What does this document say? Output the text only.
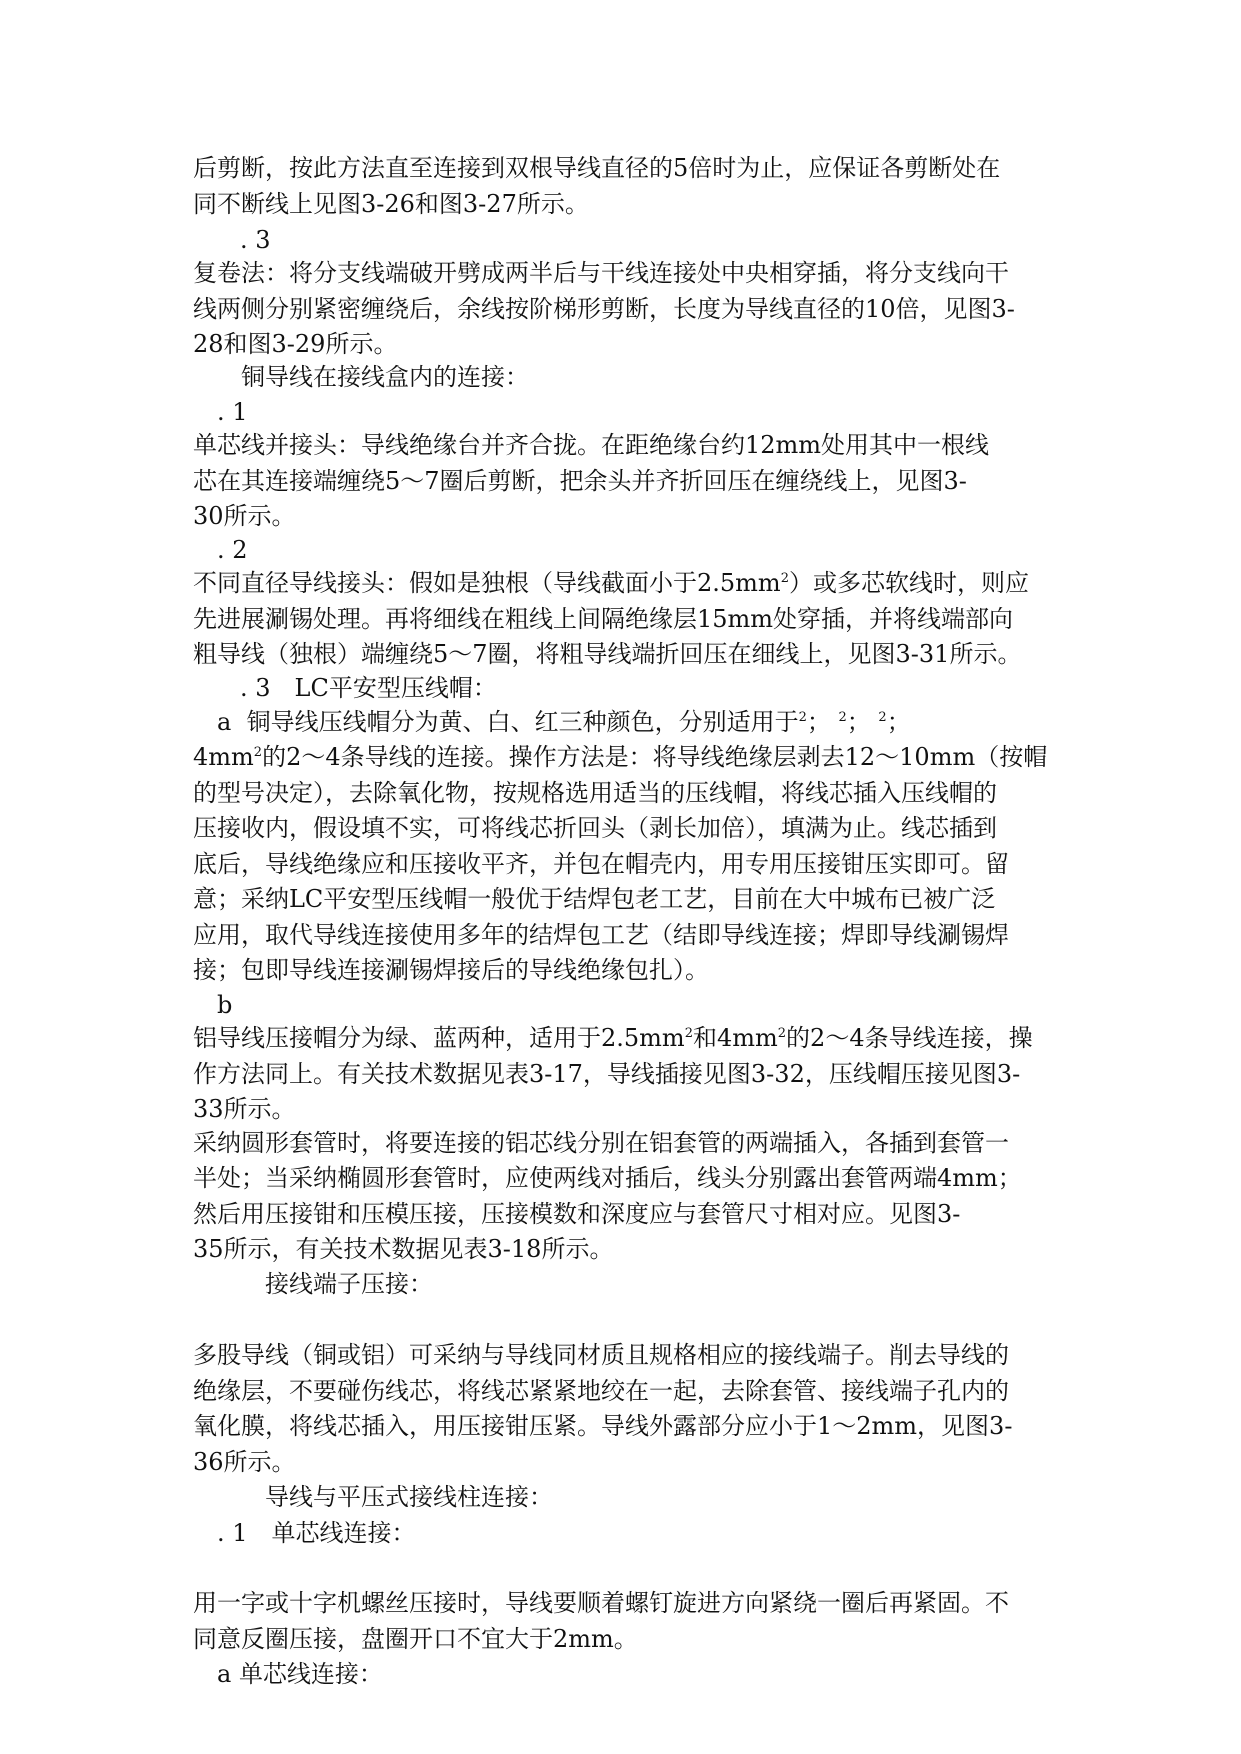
后剪断，按此方法直至连接到双根导线直径的5倍时为止，应保证各剪断处在
同不断线上见图3-26和图3-27所示。
. 3
复卷法：将分支线端破开劈成两半后与干线连接处中央相穿插，将分支线向干
线两侧分别紧密缠绕后，余线按阶梯形剪断，长度为导线直径的10倍，见图3-
28和图3-29所示。
铜导线在接线盒内的连接：
. 1
单芯线并接头：导线绝缘台并齐合拢。在距绝缘台约12mm处用其中一根线
芯在其连接端缠绕5～7圈后剪断，把余头并齐折回压在缠绕线上，见图3-
30所示。
. 2
不同直径导线接头：假如是独根（导线截面小于$2.5mm^2$）或多芯软线时，则应
先进展涮锡处理。再将细线在粗线上间隔绝缘层15mm处穿插，并将线端部向
粗导线（独根）端缠绕5～7圈，将粗导线端折回压在细线上，见图3-31所示。
. 3　LC平安型压线帽：
a  铜导线压线帽分为黄、白、红三种颜色，分别适用于$^2$； $^2$； $^2$；
$4mm^2$的2～4条导线的连接。操作方法是：将导线绝缘层剥去12～10mm（按帽
的型号决定），去除氧化物，按规格选用适当的压线帽，将线芯插入压线帽的
压接收内，假设填不实，可将线芯折回头（剥长加倍），填满为止。线芯插到
底后，导线绝缘应和压接收平齐，并包在帽壳内，用专用压接钳压实即可。留
意；采纳LC平安型压线帽一般优于结焊包老工艺，目前在大中城布已被广泛
应用，取代导线连接使用多年的结焊包工艺（结即导线连接；焊即导线涮锡焊
接；包即导线连接涮锡焊接后的导线绝缘包扎）。
b
铝导线压接帽分为绿、蓝两种，适用于$2.5mm^2$和$4mm^2$的2～4条导线连接，操
作方法同上。有关技术数据见表3-17，导线插接见图3-32，压线帽压接见图3-
33所示。
采纳圆形套管时，将要连接的铝芯线分别在铝套管的两端插入，各插到套管一
半处；当采纳椭圆形套管时，应使两线对插后，线头分别露出套管两端4mm；
然后用压接钳和压模压接，压接模数和深度应与套管尺寸相对应。见图3-
35所示，有关技术数据见表3-18所示。
接线端子压接：
多股导线（铜或铝）可采纳与导线同材质且规格相应的接线端子。削去导线的
绝缘层，不要碰伤线芯，将线芯紧紧地绞在一起，去除套管、接线端子孔内的
氧化膜，将线芯插入，用压接钳压紧。导线外露部分应小于1～2mm，见图3-
36所示。
导线与平压式接线柱连接：
. 1　单芯线连接：
用一字或十字机螺丝压接时，导线要顺着螺钉旋进方向紧绕一圈后再紧固。不
同意反圈压接，盘圈开口不宜大于2mm。
a 单芯线连接：
